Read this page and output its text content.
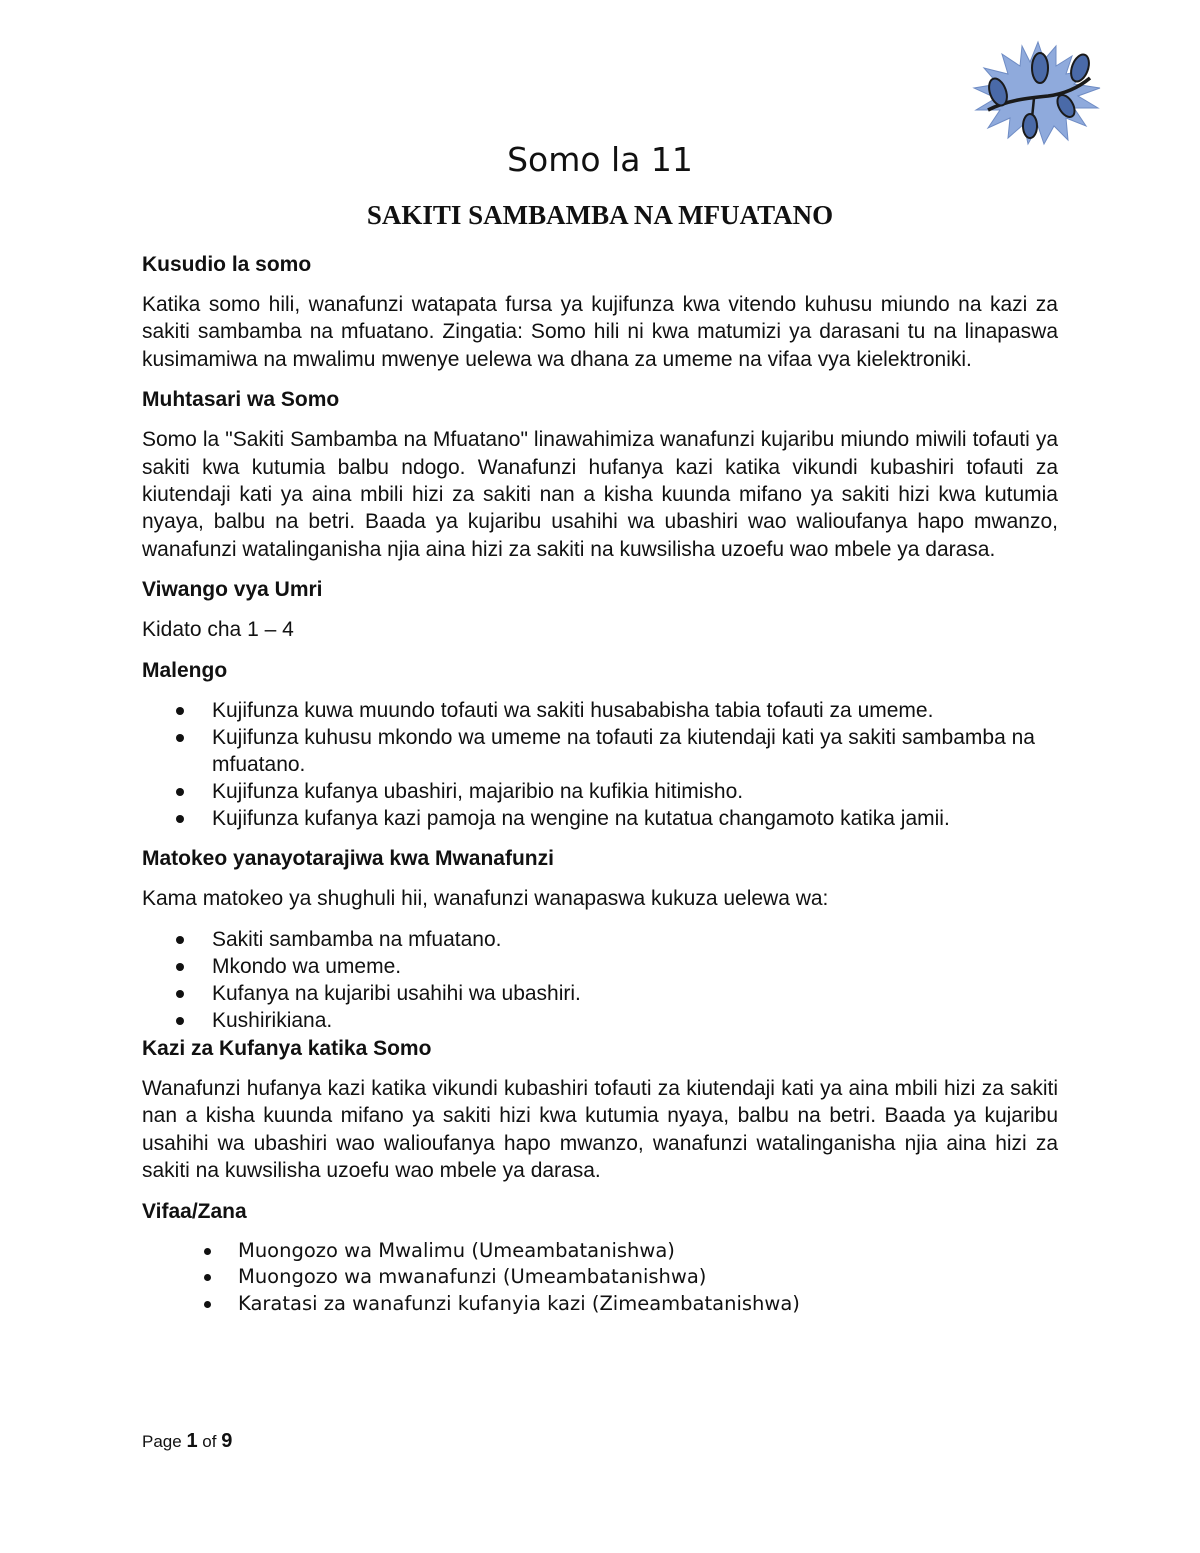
Somo la 11
SAKITI SAMBAMBA NA MFUATANO
Kusudio la somo

Katika somo hili, wanafunzi watapata fursa ya kujifunza kwa vitendo kuhusu miundo na kazi za sakiti sambamba na mfuatano. Zingatia: Somo hili ni kwa matumizi ya darasani tu na linapaswa kusimamiwa na mwalimu mwenye uelewa wa dhana za umeme na vifaa vya kielektroniki.

Muhtasari wa Somo

Somo la "Sakiti Sambamba na Mfuatano" linawahimiza wanafunzi kujaribu miundo miwili tofauti ya sakiti kwa kutumia balbu ndogo. Wanafunzi hufanya kazi katika vikundi kubashiri tofauti za kiutendaji kati ya aina mbili hizi za sakiti nan a kisha kuunda mifano ya sakiti hizi kwa kutumia nyaya, balbu na betri. Baada ya kujaribu usahihi wa ubashiri wao walioufanya hapo mwanzo, wanafunzi watalinganisha njia aina hizi za sakiti na kuwsilisha uzoefu wao mbele ya darasa.

Viwango vya Umri

Kidato cha 1 – 4

Malengo
Kujifunza kuwa muundo tofauti wa sakiti husababisha tabia tofauti za umeme.
Kujifunza kuhusu mkondo wa umeme na tofauti za kiutendaji kati ya sakiti sambamba na mfuatano.
Kujifunza kufanya ubashiri, majaribio na kufikia hitimisho.
Kujifunza kufanya kazi pamoja na wengine na kutatua changamoto katika jamii.
Matokeo yanayotarajiwa kwa Mwanafunzi

Kama matokeo ya shughuli hii, wanafunzi wanapaswa kukuza uelewa wa:

Sakiti sambamba na mfuatano.
Mkondo wa umeme.
Kufanya na kujaribi usahihi wa ubashiri.
Kushirikiana.
Kazi za Kufanya katika Somo

Wanafunzi hufanya kazi katika vikundi kubashiri tofauti za kiutendaji kati ya aina mbili hizi za sakiti nan a kisha kuunda mifano ya sakiti hizi kwa kutumia nyaya, balbu na betri. Baada ya kujaribu usahihi wa ubashiri wao walioufanya hapo mwanzo, wanafunzi watalinganisha njia aina hizi za sakiti na kuwsilisha uzoefu wao mbele ya darasa.

Vifaa/Zana
Muongozo wa Mwalimu (Umeambatanishwa)
Muongozo wa mwanafunzi (Umeambatanishwa)
Karatasi za wanafunzi kufanyia kazi (Zimeambatanishwa)
Page 1 of 9
